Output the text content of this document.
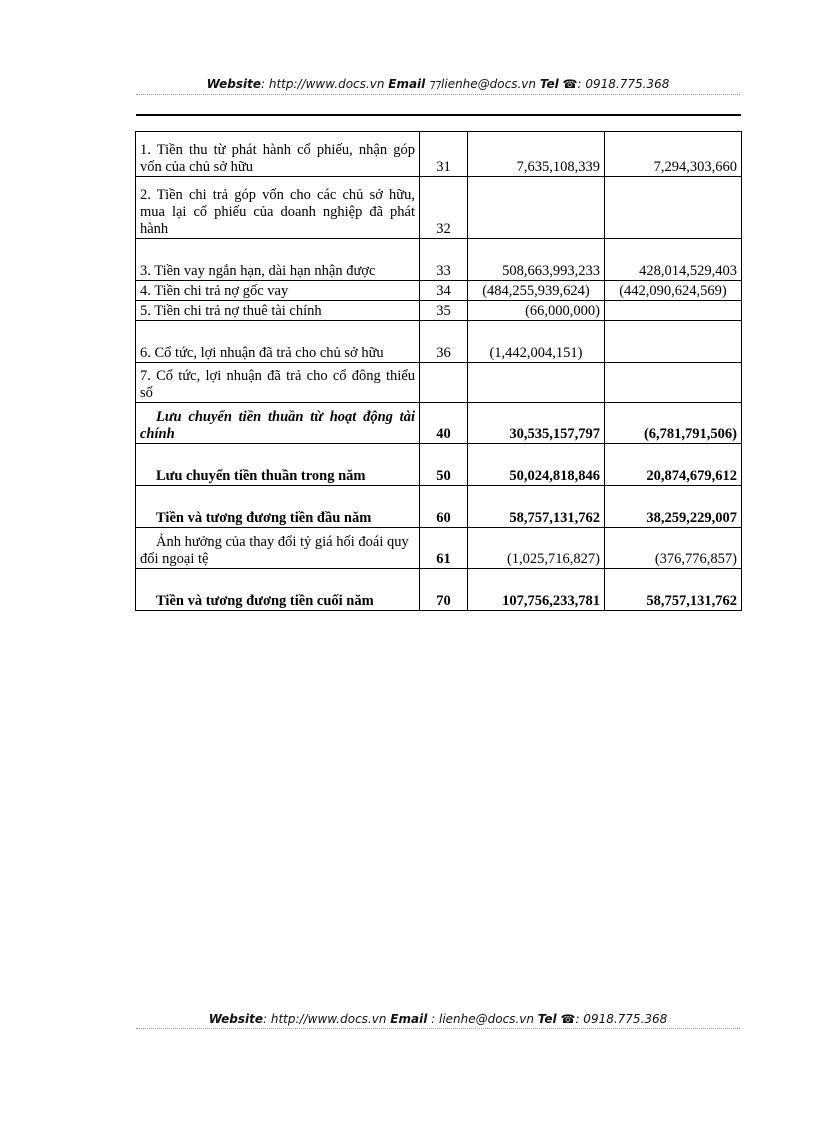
Website: http://www.docs.vn Email ⁊⁊lienhe@docs.vn Tel ☎: 0918.775.368
1. Tiền thu từ phát hành cổ phiếu, nhận góp vốn của chủ sở hữu	31	7,635,108,339	7,294,303,660
2. Tiền chi trả góp vốn cho các chủ sở hữu, mua lại cổ phiếu của doanh nghiệp đã phát hành	32		
3. Tiền vay ngắn hạn, dài hạn nhận được	33	508,663,993,233	428,014,529,403
4. Tiền chi trả nợ gốc vay	34	(484,255,939,624)	(442,090,624,569)
5. Tiền chi trả nợ thuê tài chính	35	(66,000,000)	
6. Cổ tức, lợi nhuận đã trả cho chủ sở hữu	36	(1,442,004,151)	
7. Cổ tức, lợi nhuận đã trả cho cổ đông thiểu số			
Lưu chuyển tiền thuần từ hoạt động tài chính	40	30,535,157,797	(6,781,791,506)
Lưu chuyển tiền thuần trong năm	50	50,024,818,846	20,874,679,612
Tiền và tương đương tiền đầu năm	60	58,757,131,762	38,259,229,007
Ảnh hưởng của thay đổi tỷ giá hối đoái quy đổi ngoại tệ	61	(1,025,716,827)	(376,776,857)
Tiền và tương đương tiền cuối năm	70	107,756,233,781	58,757,131,762
Website: http://www.docs.vn Email : lienhe@docs.vn Tel ☎: 0918.775.368
